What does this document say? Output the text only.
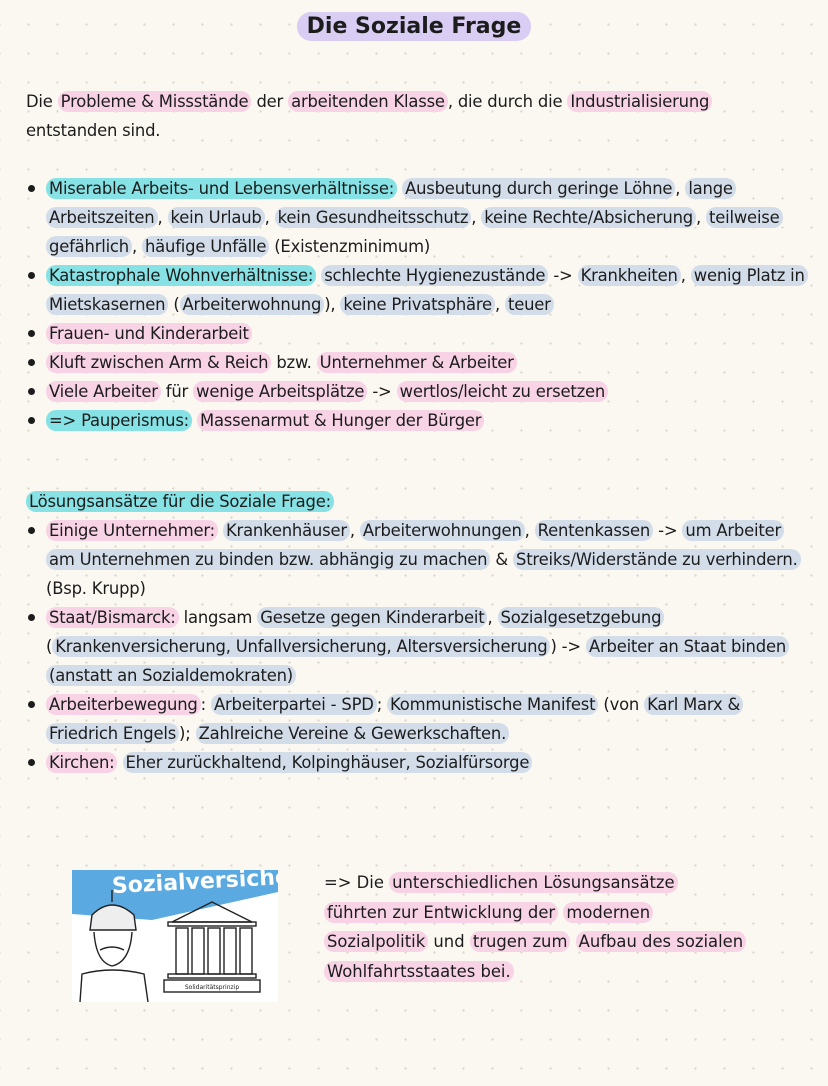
Die Soziale Frage
Die Probleme & Missstände der arbeitenden Klasse , die durch die Industrialisierung entstanden sind.
Miserable Arbeits- und Lebensverhältnisse: Ausbeutung durch geringe Löhne , lange Arbeitszeiten , kein Urlaub , kein Gesundheitsschutz , keine Rechte/Absicherung , teilweise gefährlich , häufige Unfälle (Existenzminimum)
Katastrophale Wohnverhältnisse: schlechte Hygienezustände -> Krankheiten , wenig Platz in Mietskasernen ( Arbeiterwohnung ), keine Privatsphäre , teuer
Frauen- und Kinderarbeit
Kluft zwischen Arm & Reich bzw. Unternehmer & Arbeiter
Viele Arbeiter für wenige Arbeitsplätze -> wertlos/leicht zu ersetzen
=> Pauperismus: Massenarmut & Hunger der Bürger
Lösungsansätze für die Soziale Frage:
Einige Unternehmer: Krankenhäuser , Arbeiterwohnungen , Rentenkassen -> um Arbeiter am Unternehmen zu binden bzw. abhängig zu machen & Streiks/Widerstände zu verhindern. (Bsp. Krupp)
Staat/Bismarck: langsam Gesetze gegen Kinderarbeit , Sozialgesetzgebung ( Krankenversicherung, Unfallversicherung, Altersversicherung ) -> Arbeiter an Staat binden (anstatt an Sozialdemokraten)
Arbeiterbewegung : Arbeiterpartei - SPD ; Kommunistische Manifest (von Karl Marx & Friedrich Engels ); Zahlreiche Vereine & Gewerkschaften.
Kirchen: Eher zurückhaltend, Kolpinghäuser, Sozialfürsorge
Sozialversiche
Solidaritätsprinzip
=> Die unterschiedlichen Lösungsansätze führten zur Entwicklung der modernen Sozialpolitik und trugen zum Aufbau des sozialen Wohlfahrtsstaates bei.
